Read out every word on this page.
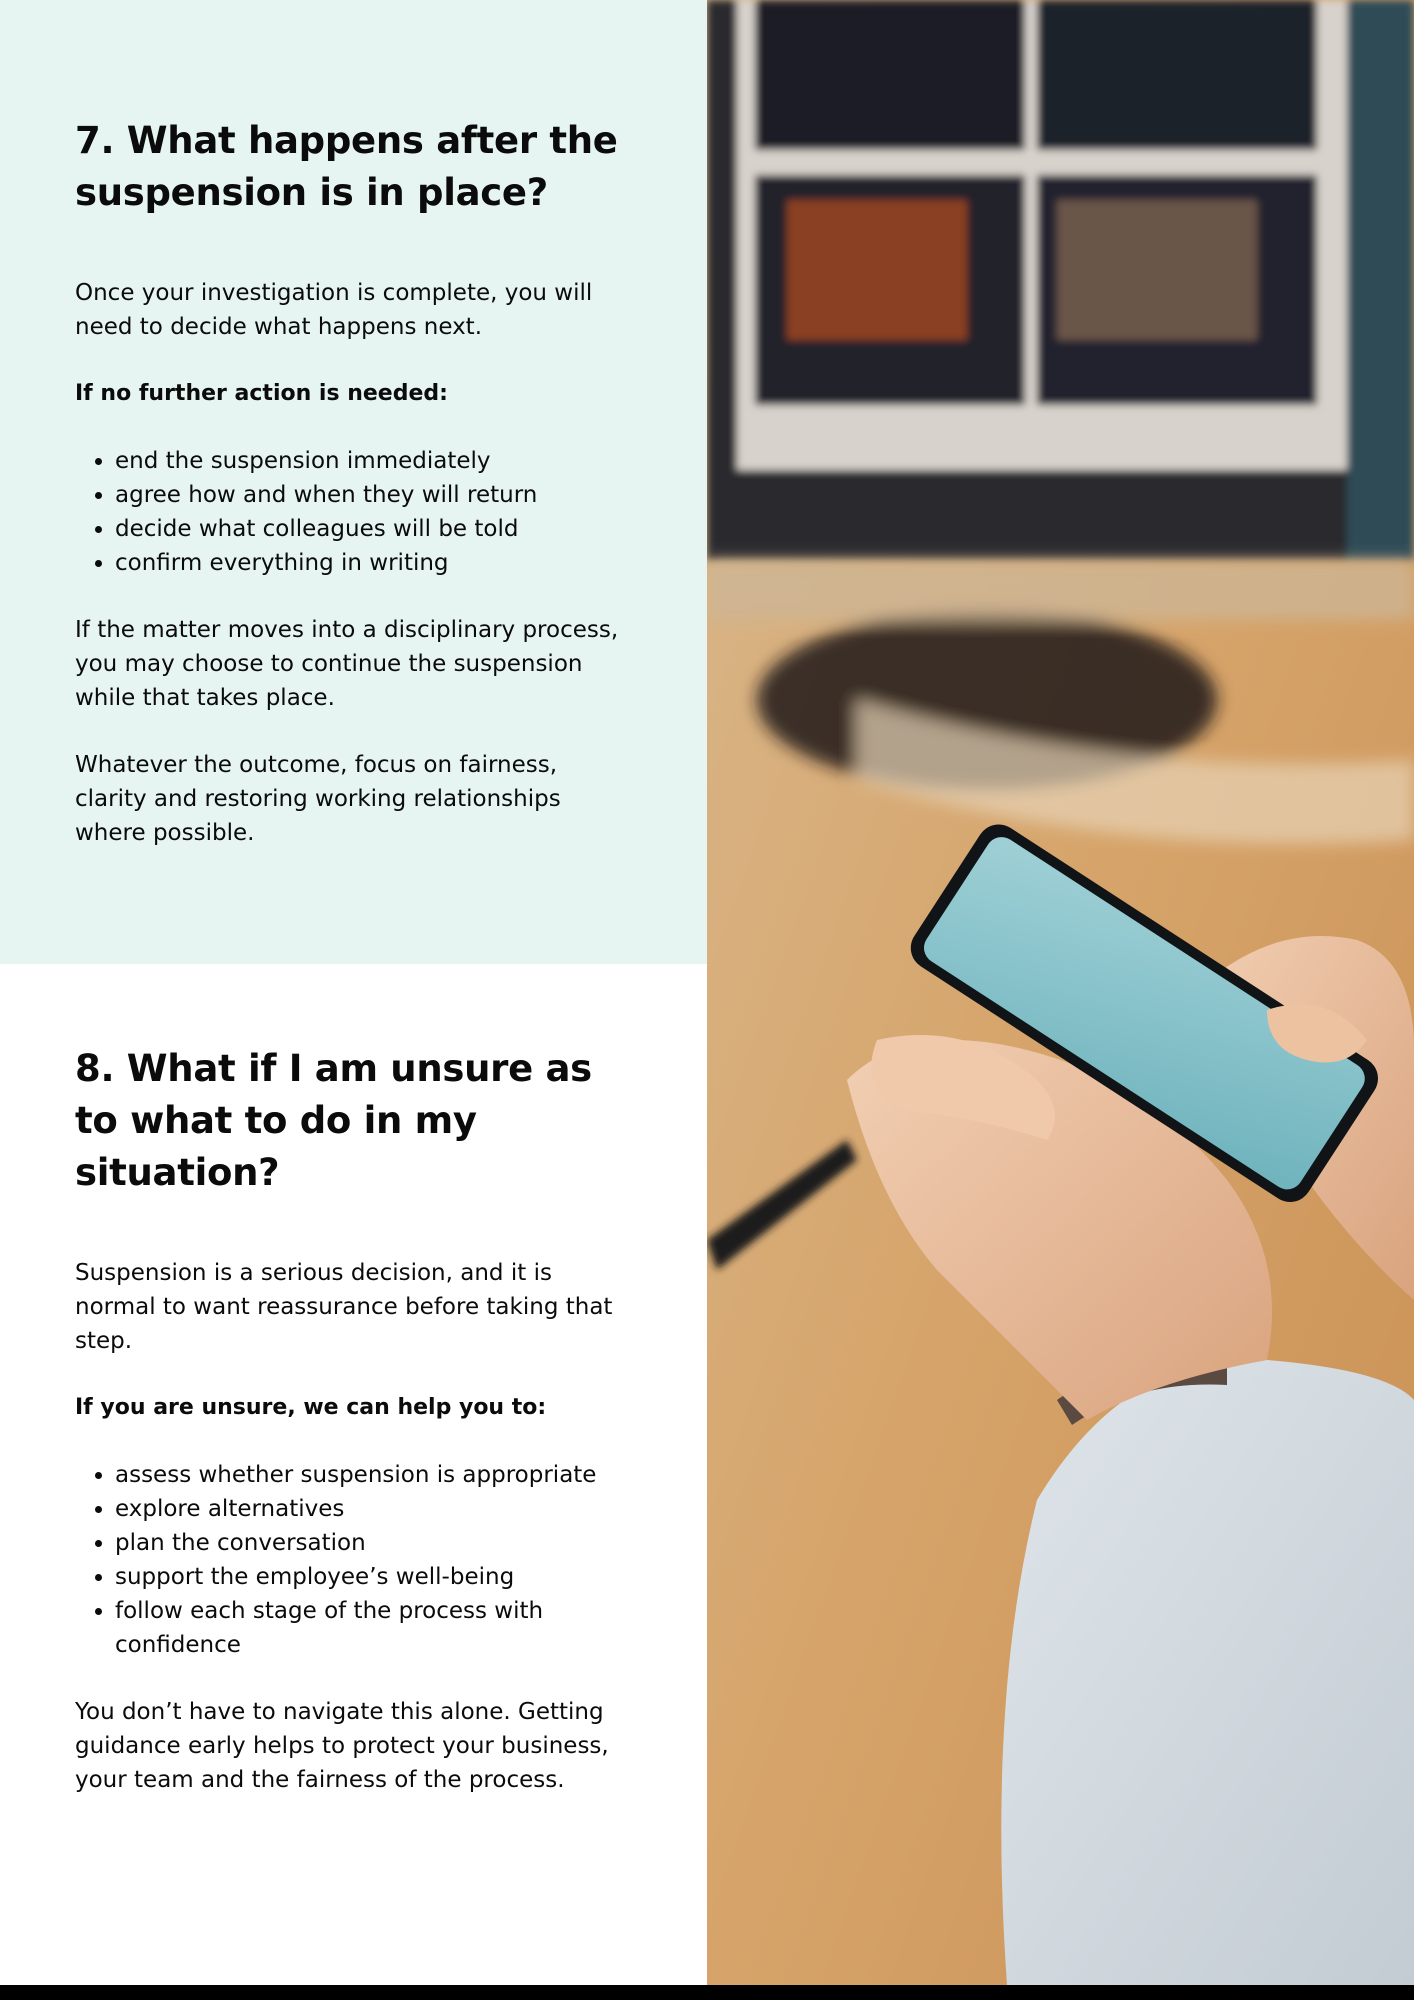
7. What happens after the suspension is in place?

Once your investigation is complete, you will need to decide what happens next.

If no further action is needed:

• end the suspension immediately
• agree how and when they will return
• decide what colleagues will be told
• confirm everything in writing

If the matter moves into a disciplinary process, you may choose to continue the suspension while that takes place.

Whatever the outcome, focus on fairness, clarity and restoring working relationships where possible.

8. What if I am unsure as to what to do in my situation?

Suspension is a serious decision, and it is normal to want reassurance before taking that step.

If you are unsure, we can help you to:

• assess whether suspension is appropriate
• explore alternatives
• plan the conversation
• support the employee’s well-being
• follow each stage of the process with confidence

You don’t have to navigate this alone. Getting guidance early helps to protect your business, your team and the fairness of the process.
